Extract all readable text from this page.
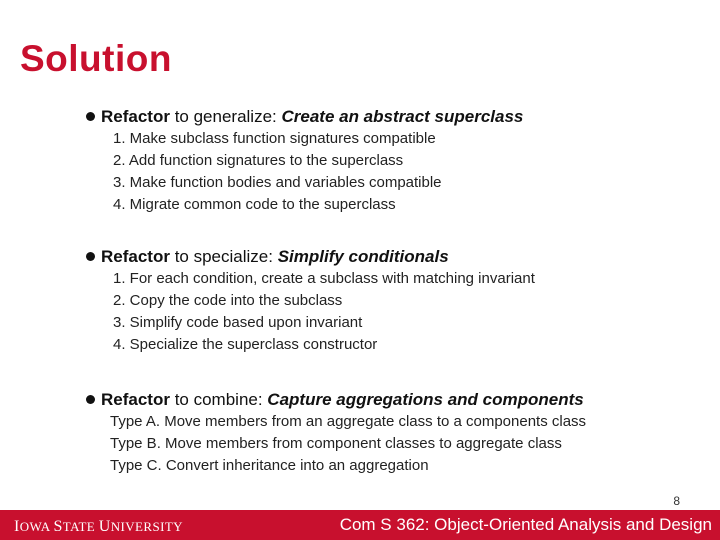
Solution
Refactor to generalize: Create an abstract superclass
1. Make subclass function signatures compatible
2. Add function signatures to the superclass
3. Make function bodies and variables compatible
4. Migrate common code to the superclass
Refactor to specialize: Simplify conditionals
1. For each condition, create a subclass with matching invariant
2. Copy the code into the subclass
3. Simplify code based upon invariant
4. Specialize the superclass constructor
Refactor to combine: Capture aggregations and components
Type A. Move members from an aggregate class to a components class
Type B. Move members from component classes to aggregate class
Type C. Convert inheritance into an aggregation
8
IOWA STATE UNIVERSITY	Com S 362: Object-Oriented Analysis and Design
